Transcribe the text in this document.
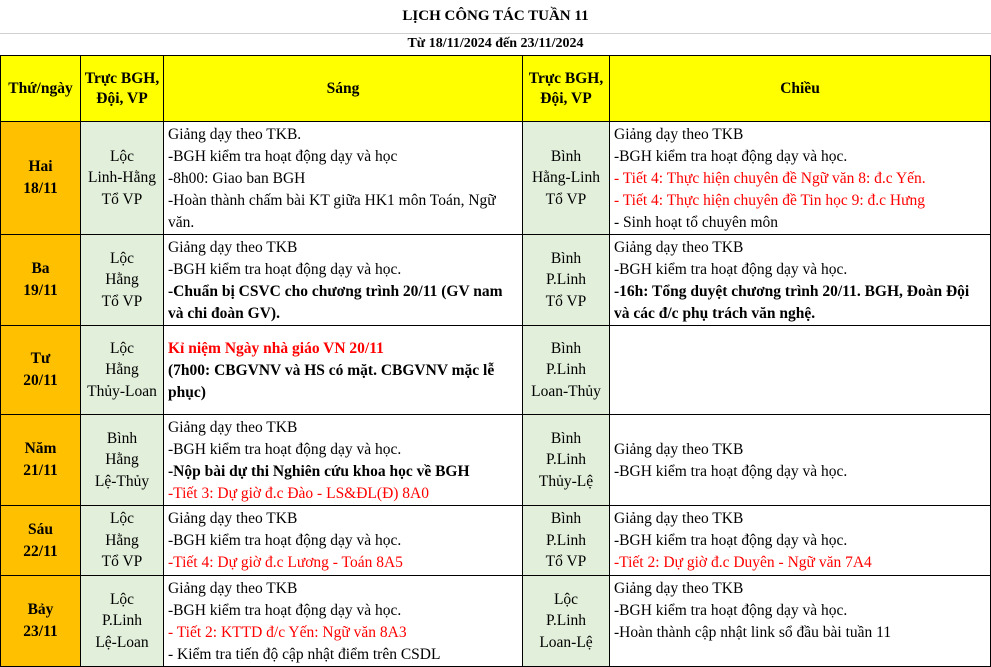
LỊCH CÔNG TÁC TUẦN 11
Từ 18/11/2024 đến 23/11/2024
Thứ/ngày	Trực BGH, Đội, VP	Sáng	Trực BGH, Đội, VP	Chiều

Hai
18/11	Lộc
Linh-Hằng
Tổ VP	Giảng dạy theo TKB.
-BGH kiểm tra hoạt động dạy và học
-8h00: Giao ban BGH
-Hoàn thành chấm bài KT giữa HK1 môn Toán, Ngữ văn.	Bình
Hằng-Linh
Tổ VP	Giảng dạy theo TKB
-BGH kiểm tra hoạt động dạy và học.
- Tiết 4: Thực hiện chuyên đề Ngữ văn 8: đ.c Yến.
- Tiết 4: Thực hiện chuyên đề Tin học 9: đ.c Hưng
- Sinh hoạt tổ chuyên môn

Ba
19/11	Lộc
Hằng
Tổ VP	Giảng dạy theo TKB
-BGH kiểm tra hoạt động dạy và học.
-Chuẩn bị CSVC cho chương trình 20/11 (GV nam và chi đoàn GV).	Bình
P.Linh
Tổ VP	Giảng dạy theo TKB
-BGH kiểm tra hoạt động dạy và học.
-16h: Tổng duyệt chương trình 20/11. BGH, Đoàn Đội và các đ/c phụ trách văn nghệ.

Tư
20/11	Lộc
Hằng
Thủy-Loan	Kỉ niệm Ngày nhà giáo VN 20/11
(7h00: CBGVNV và HS có mặt. CBGVNV mặc lễ phục)	Bình
P.Linh
Loan-Thủy	

Năm
21/11	Bình
Hằng
Lệ-Thủy	Giảng dạy theo TKB
-BGH kiểm tra hoạt động dạy và học.
-Nộp bài dự thi Nghiên cứu khoa học về BGH
-Tiết 3: Dự giờ đ.c Đào - LS&ĐL(Đ) 8A0	Bình
P.Linh
Thủy-Lệ	Giảng dạy theo TKB
-BGH kiểm tra hoạt động dạy và học.

Sáu
22/11	Lộc
Hằng
Tổ VP	Giảng dạy theo TKB
-BGH kiểm tra hoạt động dạy và học.
-Tiết 4: Dự giờ đ.c Lương - Toán 8A5	Bình
P.Linh
Tổ VP	Giảng dạy theo TKB
-BGH kiểm tra hoạt động dạy và học.
-Tiết 2: Dự giờ đ.c Duyên - Ngữ văn 7A4

Bảy
23/11	Lộc
P.Linh
Lệ-Loan	Giảng dạy theo TKB
-BGH kiểm tra hoạt động dạy và học.
- Tiết 2: KTTD đ/c Yến: Ngữ văn 8A3
- Kiểm tra tiến độ cập nhật điểm trên CSDL	Lộc
P.Linh
Loan-Lệ	Giảng dạy theo TKB
-BGH kiểm tra hoạt động dạy và học.
-Hoàn thành cập nhật link sổ đầu bài tuần 11
